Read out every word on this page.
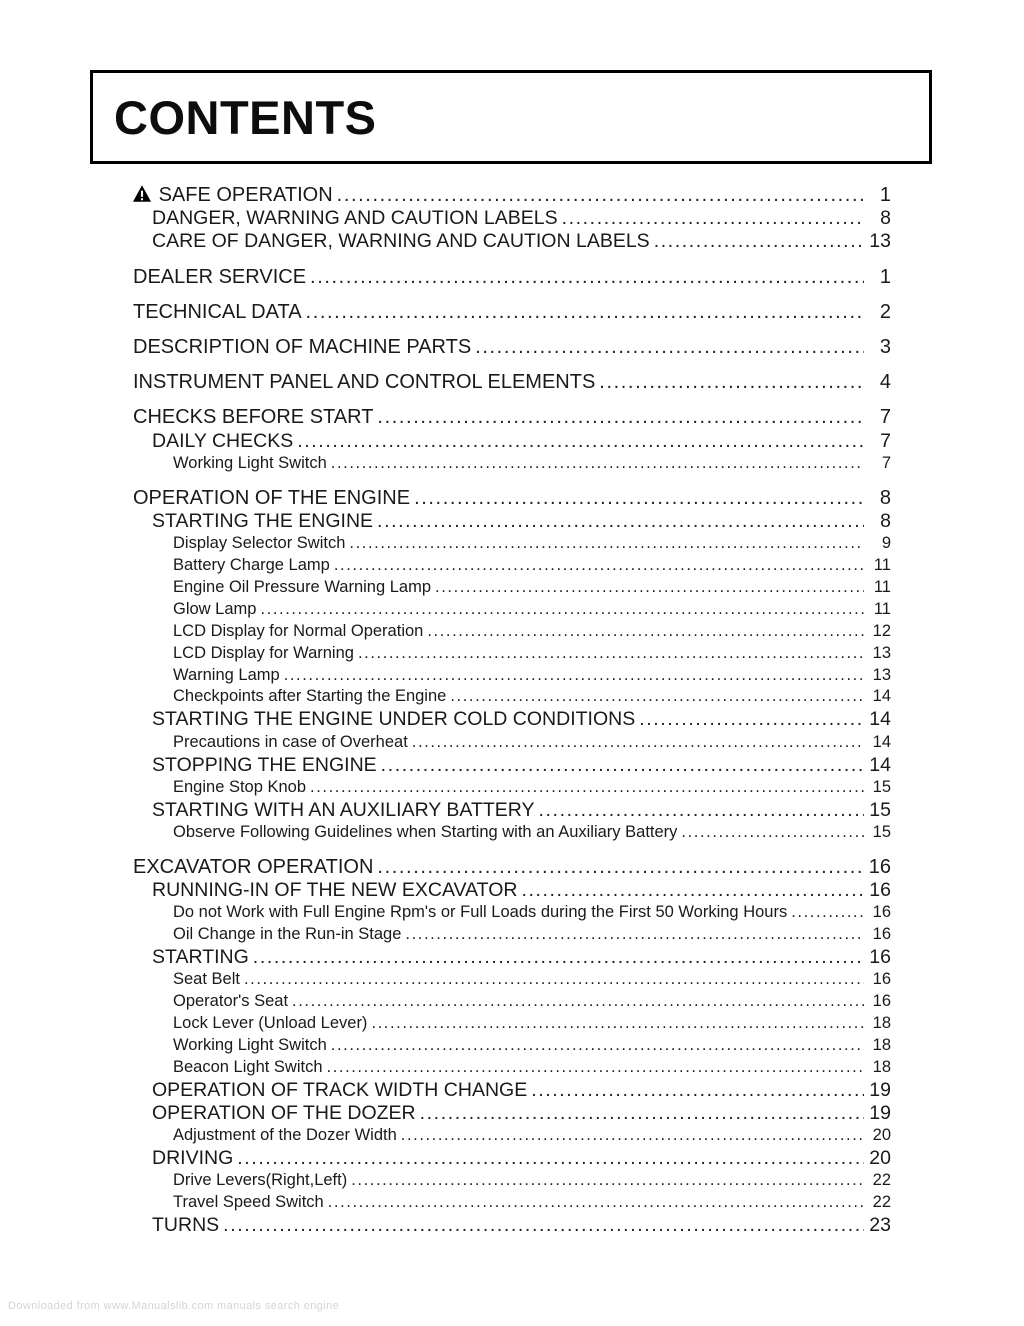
CONTENTS
SAFE OPERATION .....	1
DANGER, WARNING AND CAUTION LABELS .....	8
CARE OF DANGER, WARNING AND CAUTION LABELS .....	13
DEALER SERVICE .....	1
TECHNICAL DATA .....	2
DESCRIPTION OF MACHINE PARTS .....	3
INSTRUMENT PANEL AND CONTROL ELEMENTS .....	4
CHECKS BEFORE START .....	7
DAILY CHECKS .....	7
Working Light Switch .....	7
OPERATION OF THE ENGINE .....	8
STARTING THE ENGINE .....	8
Display Selector Switch .....	9
Battery Charge Lamp .....	11
Engine Oil Pressure Warning Lamp .....	11
Glow Lamp .....	11
LCD Display for Normal Operation .....	12
LCD Display for Warning .....	13
Warning Lamp .....	13
Checkpoints after Starting the Engine .....	14
STARTING THE ENGINE UNDER COLD CONDITIONS .....	14
Precautions in case of Overheat .....	14
STOPPING THE ENGINE .....	14
Engine Stop Knob .....	15
STARTING WITH AN AUXILIARY BATTERY .....	15
Observe Following Guidelines when Starting with an Auxiliary Battery .....	15
EXCAVATOR OPERATION .....	16
RUNNING-IN OF THE NEW EXCAVATOR .....	16
Do not Work with Full Engine Rpm's or Full Loads during the First 50 Working Hours .....	16
Oil Change in the Run-in Stage .....	16
STARTING .....	16
Seat Belt .....	16
Operator's Seat .....	16
Lock Lever (Unload Lever) .....	18
Working Light Switch .....	18
Beacon Light Switch .....	18
OPERATION OF TRACK WIDTH CHANGE .....	19
OPERATION OF THE DOZER .....	19
Adjustment of the Dozer Width .....	20
DRIVING .....	20
Drive Levers(Right,Left) .....	22
Travel Speed Switch .....	22
TURNS .....	23
Downloaded from www.Manualslib.com manuals search engine
